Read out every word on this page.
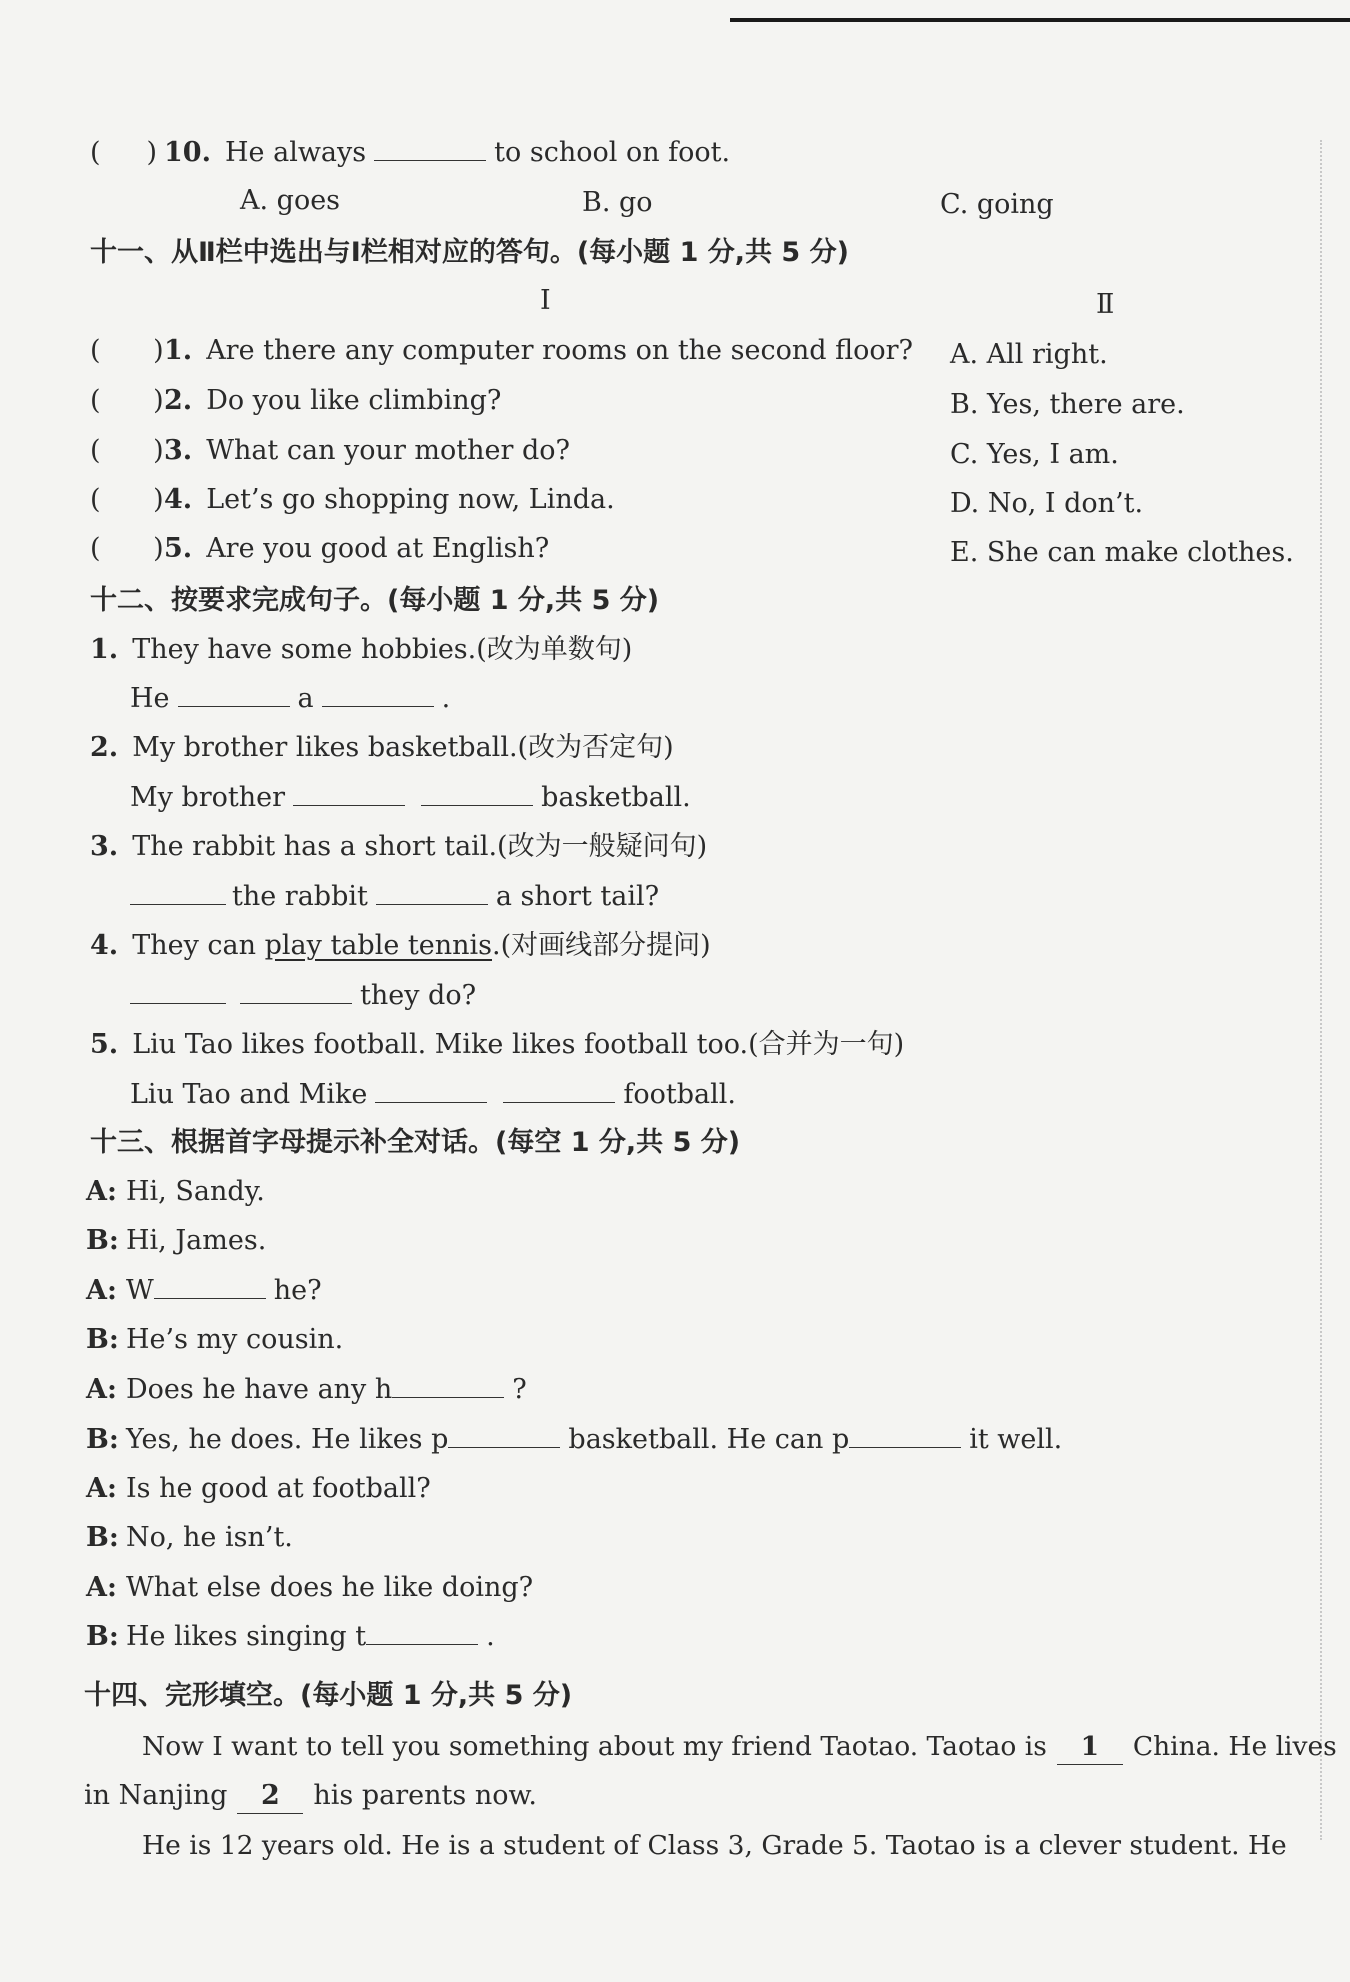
( ) 10. He always	to school on foot.
A. goes	B. go	C. going
十一、从Ⅱ栏中选出与Ⅰ栏相对应的答句。(每小题 1 分,共 5 分)
Ⅰ	Ⅱ
( )1. Are there any computer rooms on the second floor?
( )2. Do you like climbing?
( )3. What can your mother do?
( )4. Let’s go shopping now, Linda.
( )5. Are you good at English?
A. All right.
B. Yes, there are.
C. Yes, I am.
D. No, I don’t.
E. She can make clothes.
十二、按要求完成句子。(每小题 1 分,共 5 分)
1. They have some hobbies.(改为单数句)
He	a	.
2. My brother likes basketball.(改为否定句)
My brother	basketball.
3. The rabbit has a short tail.(改为一般疑问句)
the rabbit	a short tail?
4. They can play table tennis.(对画线部分提问)
they do?
5. Liu Tao likes football. Mike likes football too.(合并为一句)
Liu Tao and Mike	football.
十三、根据首字母提示补全对话。(每空 1 分,共 5 分)
A: Hi, Sandy.
B: Hi, James.
A: W	he?
B: He’s my cousin.
A: Does he have any h	?
B: Yes, he does. He likes p	basketball. He can p	it well.
A: Is he good at football?
B: No, he isn’t.
A: What else does he like doing?
B: He likes singing t	.
十四、完形填空。(每小题 1 分,共 5 分)
Now I want to tell you something about my friend Taotao. Taotao is 1 China. He lives
in Nanjing 2 his parents now.
He is 12 years old. He is a student of Class 3, Grade 5. Taotao is a clever student. He
